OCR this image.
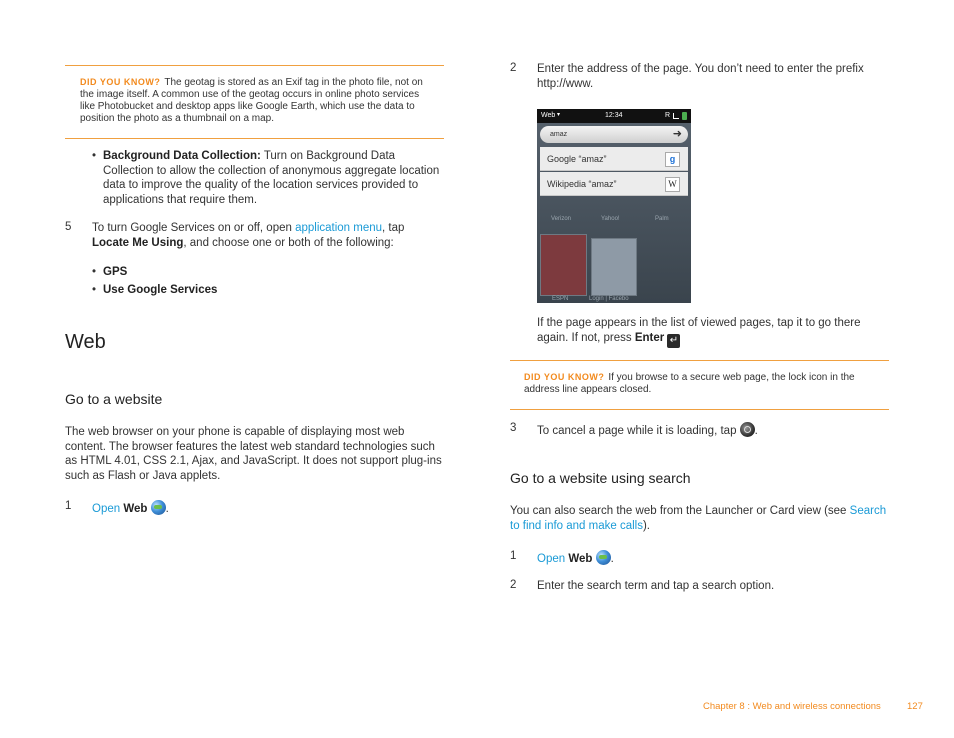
DID YOU KNOW? The geotag is stored as an Exif tag in the photo file, not on the image itself. A common use of the geotag occurs in online photo services like Photobucket and desktop apps like Google Earth, which use the data to position the photo as a thumbnail on a map.
• Background Data Collection: Turn on Background Data Collection to allow the collection of anonymous aggregate location data to improve the quality of the location services provided to applications that require them.
5 To turn Google Services on or off, open application menu, tap Locate Me Using, and choose one or both of the following:
• GPS
• Use Google Services
Web
Go to a website
The web browser on your phone is capable of displaying most web content. The browser features the latest web standard technologies such as HTML 4.01, CSS 2.1, Ajax, and JavaScript. It does not support plug-ins such as Flash or Java applets.
1 Open Web .
2 Enter the address of the page. You don’t need to enter the prefix http://www.
Web ▾	12:34	R
amaz	➜
Google “amaz”	g
Wikipedia “amaz”	W
Verizon	Yahoo!	Palm
ESPN	Login | Facebo
If the page appears in the list of viewed pages, tap it to go there again. If not, press Enter ↵
DID YOU KNOW? If you browse to a secure web page, the lock icon in the address line appears closed.
3 To cancel a page while it is loading, tap .
Go to a website using search
You can also search the web from the Launcher or Card view (see Search to find info and make calls).
1 Open Web .
2 Enter the search term and tap a search option.
Chapter 8 : Web and wireless connections	127
